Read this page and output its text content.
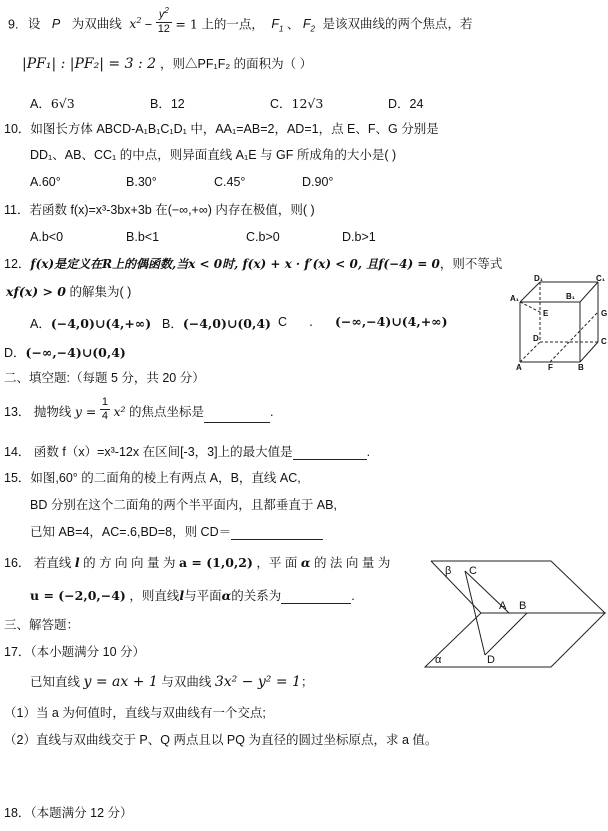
9. 设 P 为双曲线 $x^2 - \frac{y^2}{12} = 1$ 上的一点， $F_1$ 、 $F_2$ 是该双曲线的两个焦点，若
|PF₁| : |PF₂| = 3 : 2 ，则△PF₁F₂ 的面积为（ ）
A．6√3	B．12	C．12√3	D．24
10．如图长方体 ABCD-A₁B₁C₁D₁ 中，AA₁=AB=2，AD=1，点 E、F、G 分别是
DD₁、AB、CC₁ 的中点，则异面直线 A₁E 与 GF 所成角的大小是( )
A.60°	B.30°	C.45°	D.90°
11．若函数 f(x)=x³-3bx+3b 在(−∞,+∞) 内存在极值，则( )
A.b<0	B.b<1	C.b>0	D.b>1
12．f(x)是定义在R上的偶函数,当x < 0时, f(x) + x · f′(x) < 0, 且f(−4) = 0，则不等式
xf(x) > 0 的解集为( )
A．(−4,0)∪(4,+∞) B．(−4,0)∪(0,4) C . (−∞,−4)∪(4,+∞)
D．(−∞,−4)∪(0,4)
D₁	C₁
A₁	B₁
E	G
D	C
A	F	B
二、填空题:（每题 5 分，共 20 分）
13． 抛物线 $y = \frac{1}{4} x^2$ 的焦点坐标是	.
14． 函数 f（x）=x³-12x 在区间[-3，3]上的最大值是	.
15．如图,60° 的二面角的棱上有两点 A，B，直线 AC,
BD 分别在这个二面角的两个半平面内，且都垂直于 AB,
已知 AB=4，AC=.6,BD=8，则 CD＝
16． 若直线 l 的 方 向 向 量 为 a = (1,0,2) ，平 面 α 的 法 向 量 为
u = (−2,0,−4) ，则直线l与平面α的关系为	.
β C
A B
α	D
三、解答题：
17．（本小题满分 10 分）
已知直线 y = ax + 1 与双曲线 3x² − y² = 1；
（1）当 a 为何值时，直线与双曲线有一个交点;
（2）直线与双曲线交于 P、Q 两点且以 PQ 为直径的圆过坐标原点，求 a 值。
18．（本题满分 12 分）
